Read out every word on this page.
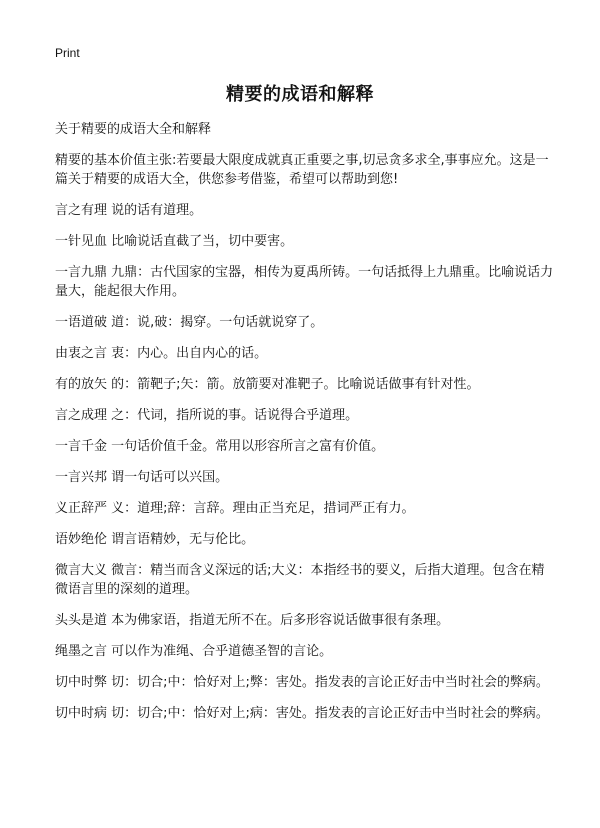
Print
精要的成语和解释

关于精要的成语大全和解释

精要的基本价值主张:若要最大限度成就真正重要之事,切忌贪多求全,事事应允。这是一篇关于精要的成语大全，供您参考借鉴，希望可以帮助到您!

言之有理 说的话有道理。

一针见血 比喻说话直截了当，切中要害。

一言九鼎 九鼎：古代国家的宝器，相传为夏禹所铸。一句话抵得上九鼎重。比喻说话力量大，能起很大作用。

一语道破 道：说,破：揭穿。一句话就说穿了。

由衷之言 衷：内心。出自内心的话。

有的放矢 的：箭靶子;矢：箭。放箭要对准靶子。比喻说话做事有针对性。

言之成理 之：代词，指所说的事。话说得合乎道理。

一言千金 一句话价值千金。常用以形容所言之富有价值。

一言兴邦 谓一句话可以兴国。

义正辞严 义：道理;辞：言辞。理由正当充足，措词严正有力。

语妙绝伦 谓言语精妙，无与伦比。

微言大义 微言：精当而含义深远的话;大义：本指经书的要义，后指大道理。包含在精微语言里的深刻的道理。

头头是道 本为佛家语，指道无所不在。后多形容说话做事很有条理。

绳墨之言 可以作为准绳、合乎道德圣智的言论。

切中时弊 切：切合;中：恰好对上;弊：害处。指发表的言论正好击中当时社会的弊病。

切中时病 切：切合;中：恰好对上;病：害处。指发表的言论正好击中当时社会的弊病。
